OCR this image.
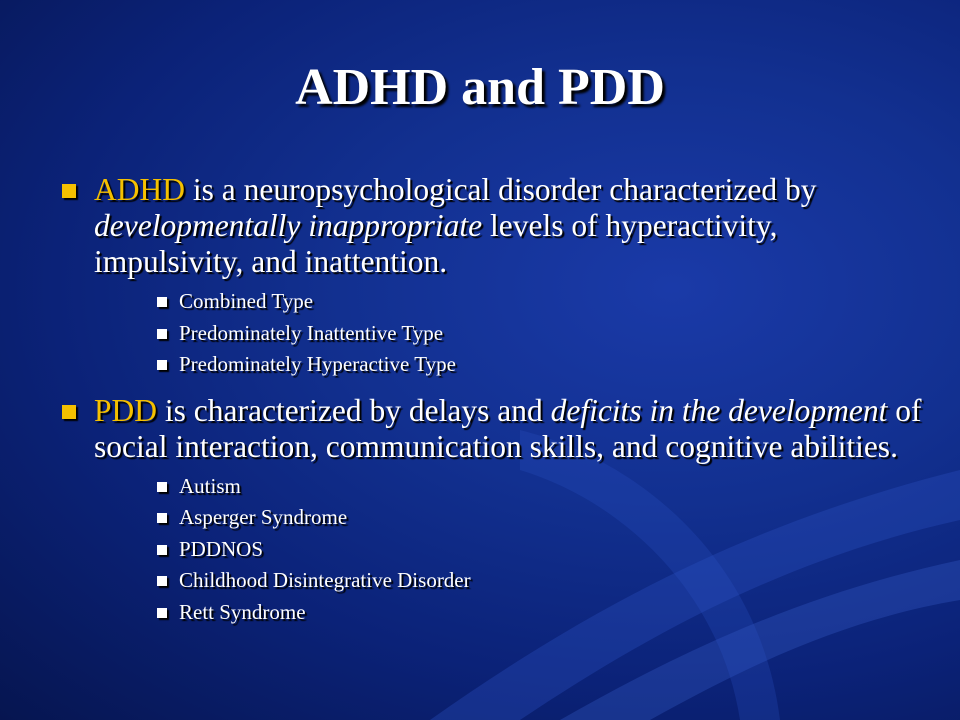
ADHD and PDD
ADHD is a neuropsychological disorder characterized by developmentally inappropriate levels of hyperactivity, impulsivity, and inattention.
Combined Type
Predominately Inattentive Type
Predominately Hyperactive Type
PDD is characterized by delays and deficits in the development of social interaction, communication skills, and cognitive abilities.
Autism
Asperger Syndrome
PDDNOS
Childhood Disintegrative Disorder
Rett Syndrome
